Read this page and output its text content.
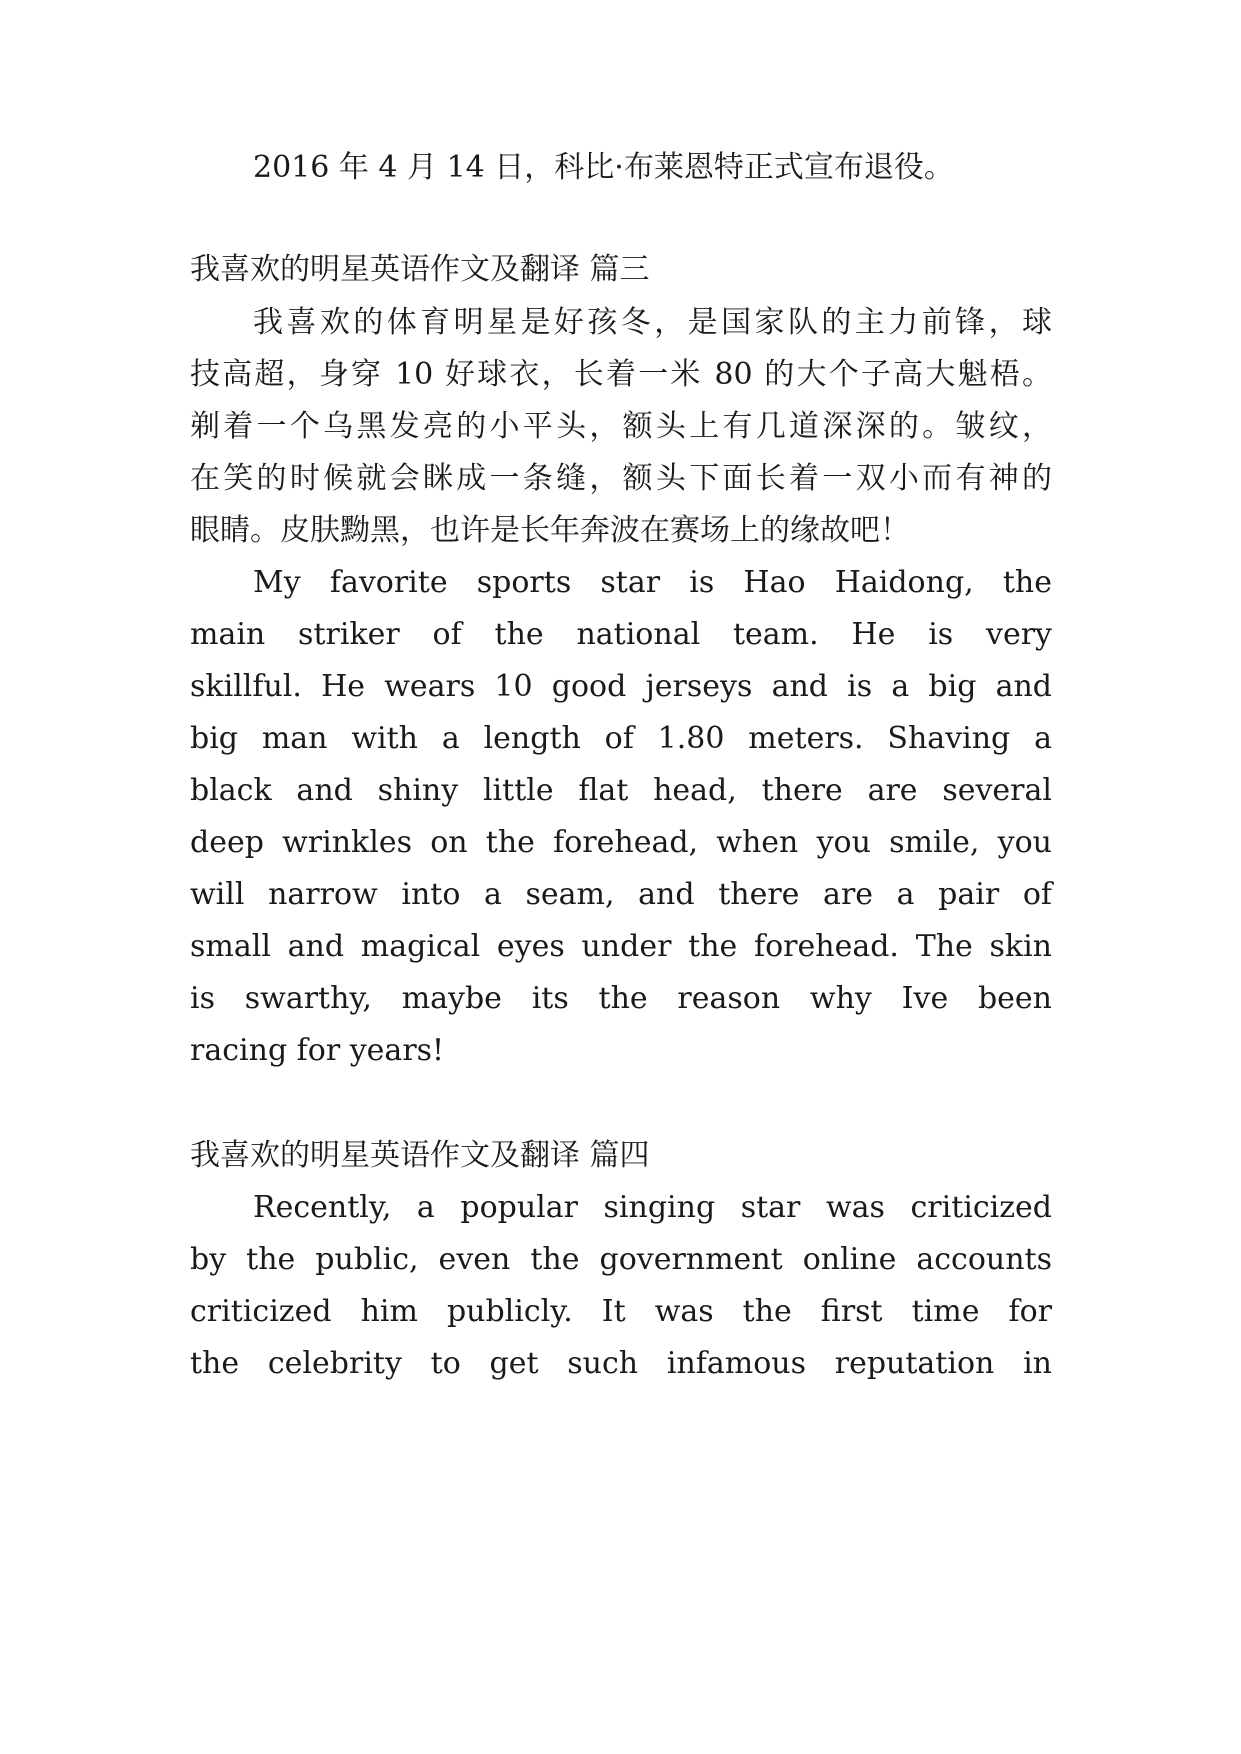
2016 年 4 月 14 日，科比·布莱恩特正式宣布退役。
我喜欢的明星英语作文及翻译 篇三
我喜欢的体育明星是好孩冬，是国家队的主力前锋，球
技高超，身穿 10 好球衣，长着一米 80 的大个子高大魁梧。
剃着一个乌黑发亮的小平头，额头上有几道深深的。皱纹，
在笑的时候就会眯成一条缝，额头下面长着一双小而有神的
眼睛。皮肤黝黑，也许是长年奔波在赛场上的缘故吧！
My favorite sports star is Hao Haidong, the
main striker of the national team. He is very
skillful. He wears 10 good jerseys and is a big and
big man with a length of 1.80 meters. Shaving a
black and shiny little flat head, there are several
deep wrinkles on the forehead, when you smile, you
will narrow into a seam, and there are a pair of
small and magical eyes under the forehead. The skin
is swarthy, maybe its the reason why Ive been
racing for years!
我喜欢的明星英语作文及翻译 篇四
Recently, a popular singing star was criticized
by the public, even the government online accounts
criticized him publicly. It was the first time for
the celebrity to get such infamous reputation in
